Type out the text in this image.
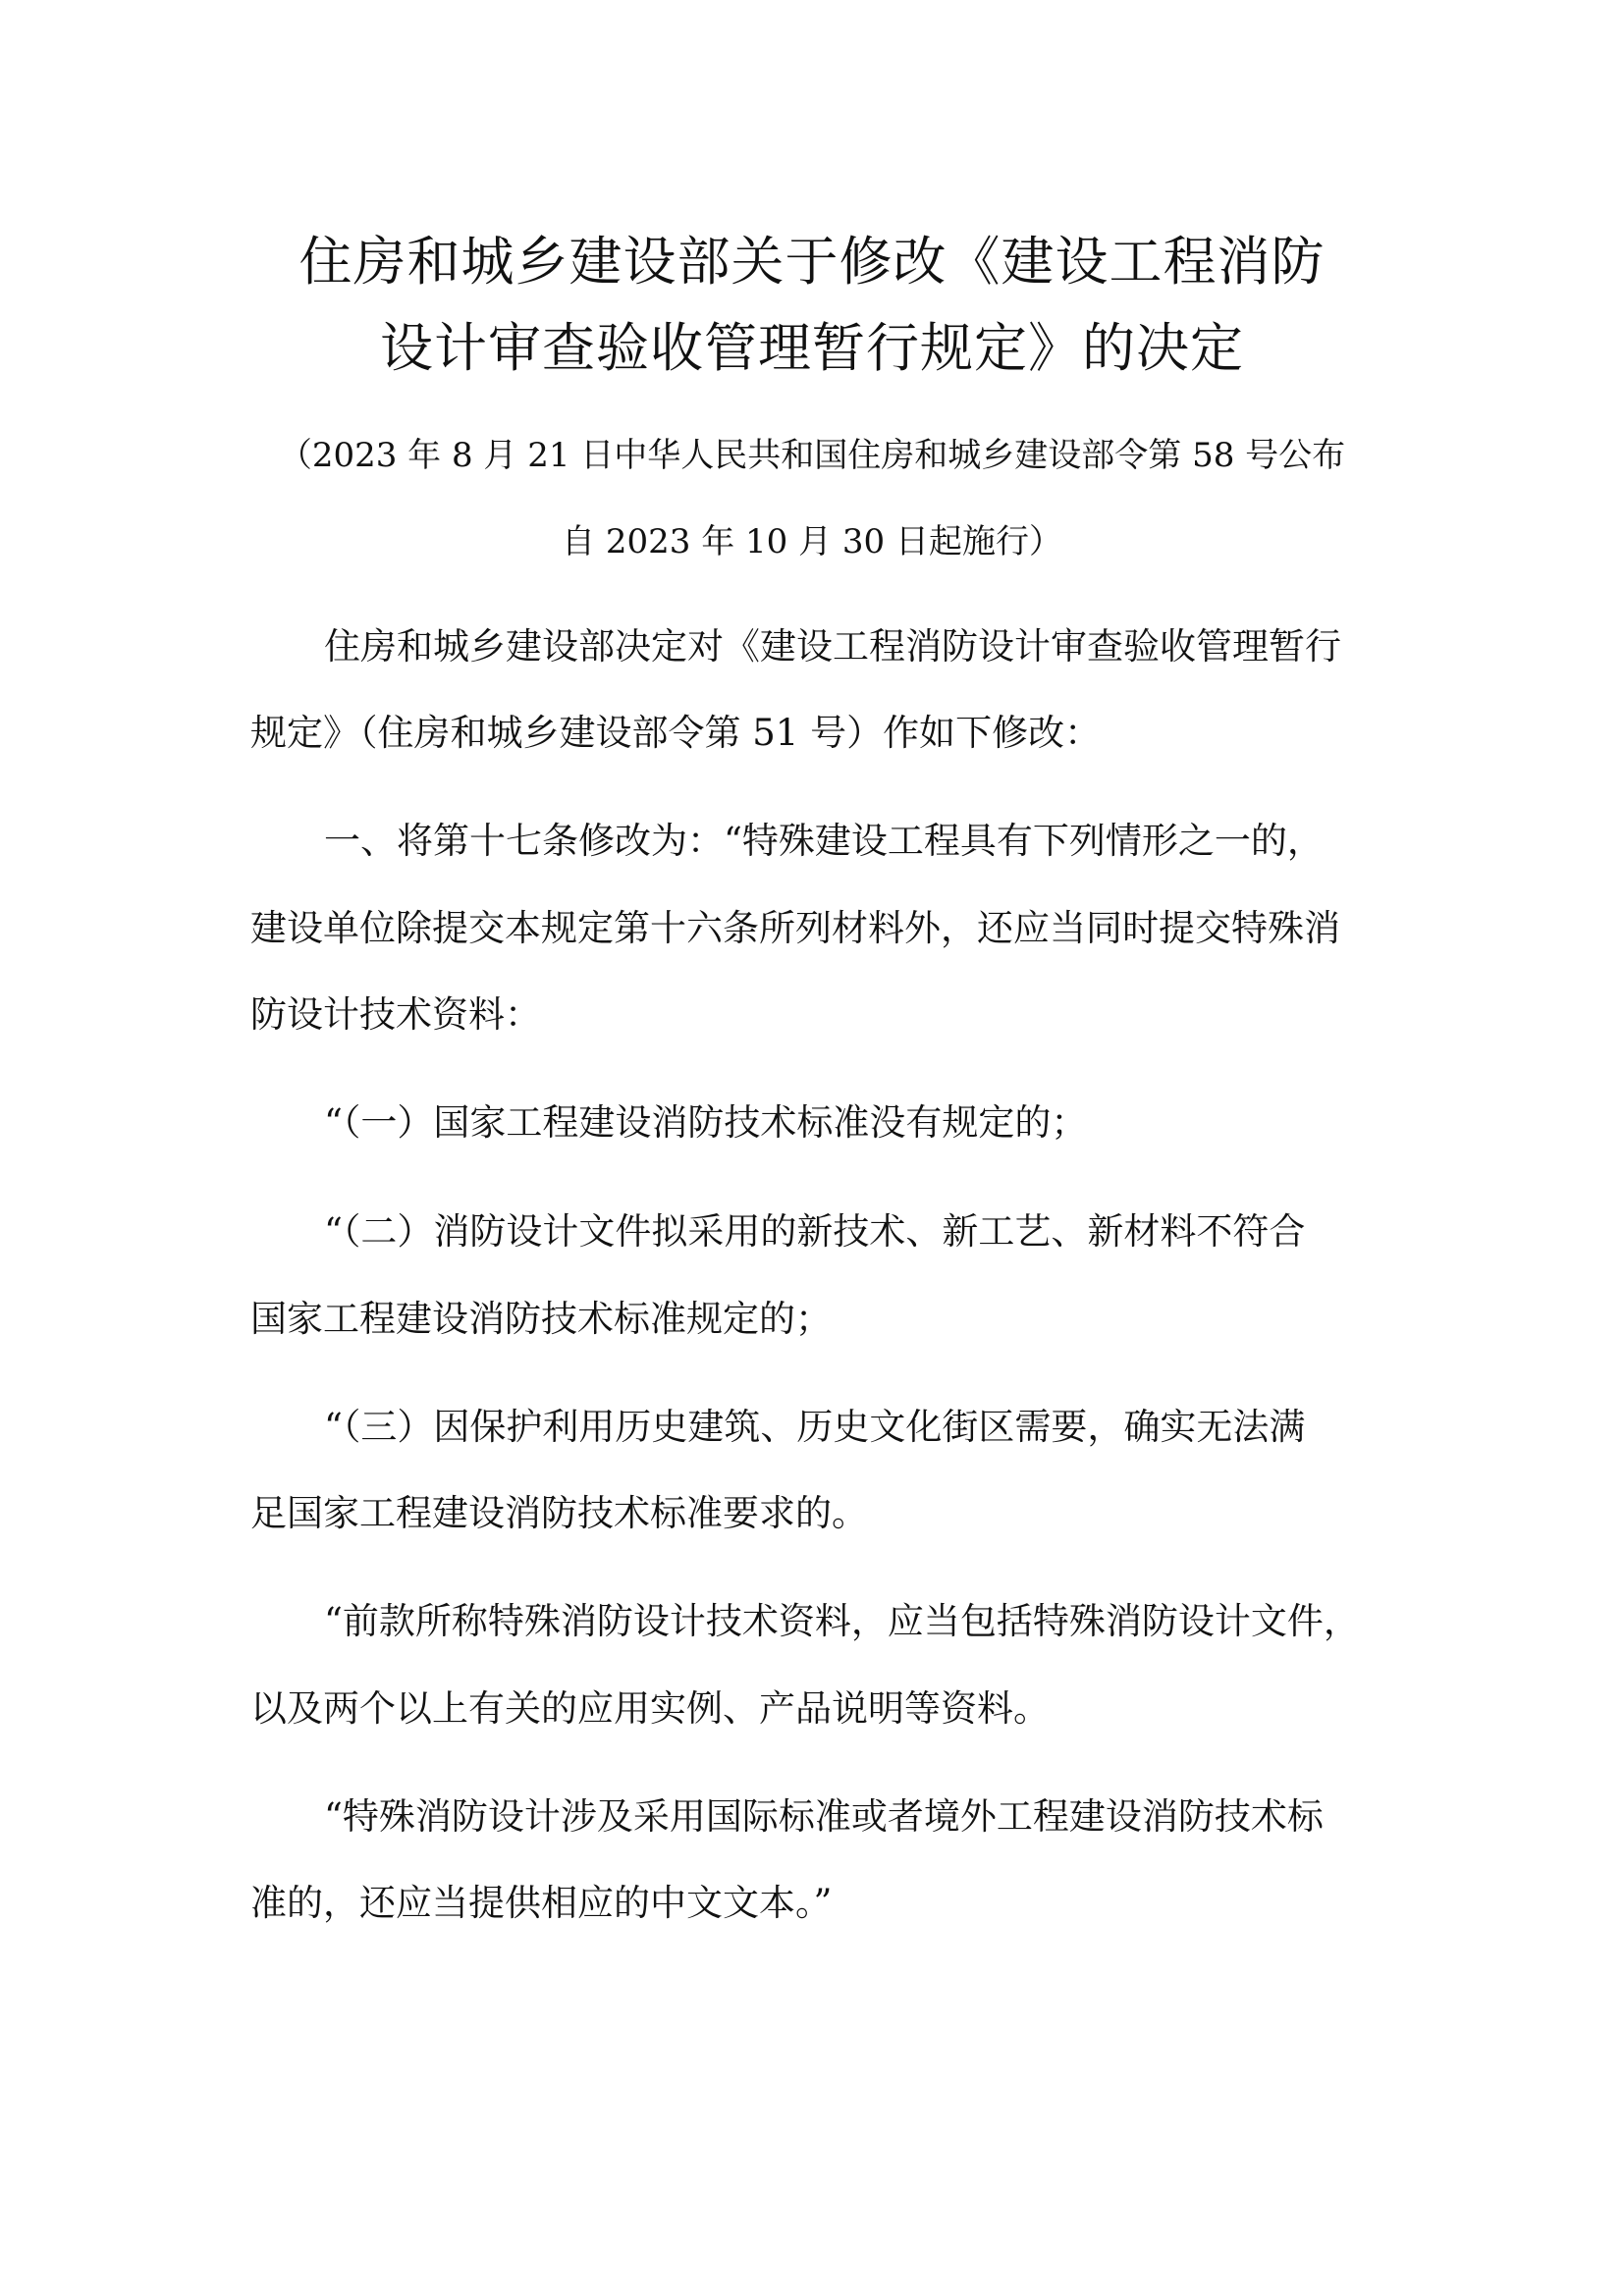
住房和城乡建设部关于修改《建设工程消防
设计审查验收管理暂行规定》的决定
（2023 年 8 月 21 日中华人民共和国住房和城乡建设部令第 58 号公布
自 2023 年 10 月 30 日起施行）
住房和城乡建设部决定对《建设工程消防设计审查验收管理暂行
规定》（住房和城乡建设部令第 51 号）作如下修改：
一、将第十七条修改为：“特殊建设工程具有下列情形之一的，
建设单位除提交本规定第十六条所列材料外，还应当同时提交特殊消
防设计技术资料：
“（一）国家工程建设消防技术标准没有规定的；
“（二）消防设计文件拟采用的新技术、新工艺、新材料不符合
国家工程建设消防技术标准规定的；
“（三）因保护利用历史建筑、历史文化街区需要，确实无法满
足国家工程建设消防技术标准要求的。
“前款所称特殊消防设计技术资料，应当包括特殊消防设计文件，
以及两个以上有关的应用实例、产品说明等资料。
“特殊消防设计涉及采用国际标准或者境外工程建设消防技术标
准的，还应当提供相应的中文文本。”
